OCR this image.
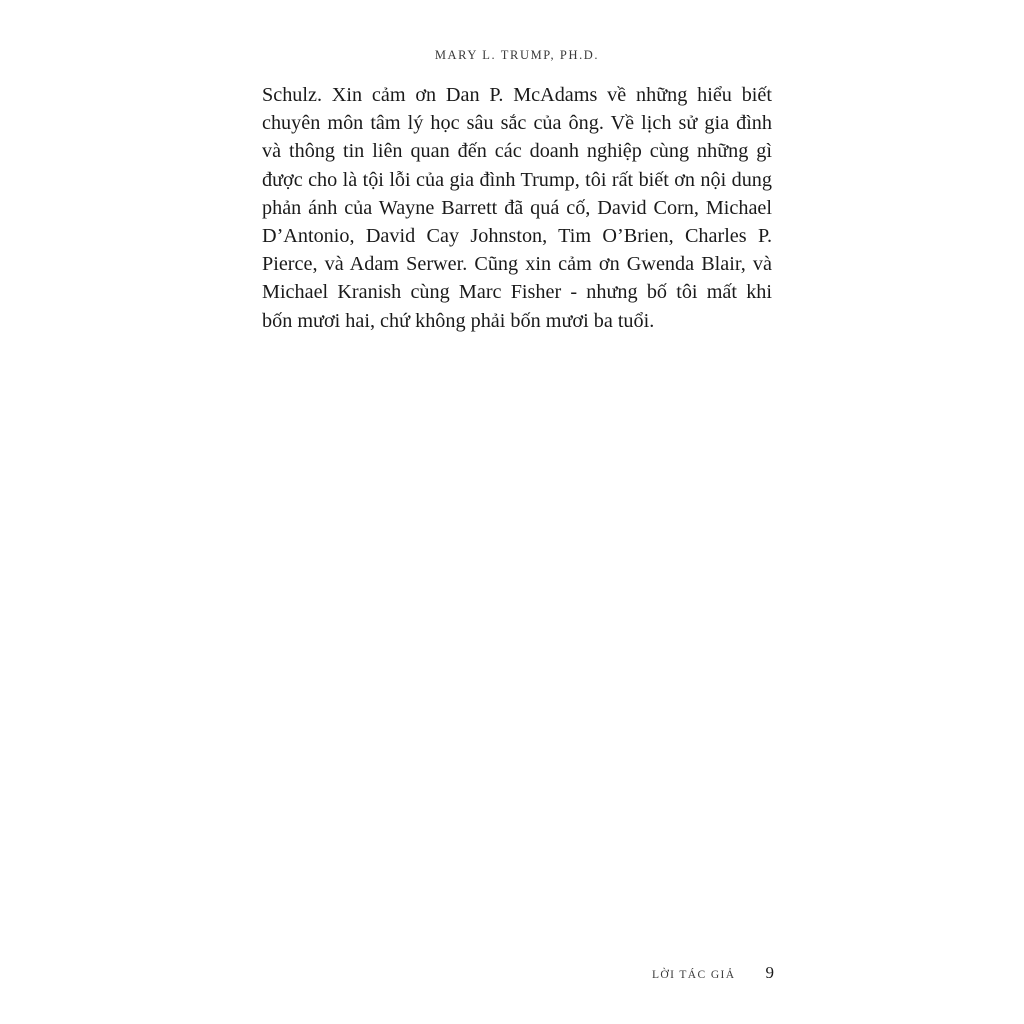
MARY L. TRUMP, PH.D.
Schulz. Xin cảm ơn Dan P. McAdams về những hiểu biết
chuyên môn tâm lý học sâu sắc của ông. Về lịch sử gia đình
và thông tin liên quan đến các doanh nghiệp cùng những gì
được cho là tội lỗi của gia đình Trump, tôi rất biết ơn nội dung
phản ánh của Wayne Barrett đã quá cố, David Corn, Michael
D’Antonio, David Cay Johnston, Tim O’Brien, Charles P.
Pierce, và Adam Serwer. Cũng xin cảm ơn Gwenda Blair, và
Michael Kranish cùng Marc Fisher - nhưng bố tôi mất khi
bốn mươi hai, chứ không phải bốn mươi ba tuổi.
LỜI TÁC GIẢ 9
